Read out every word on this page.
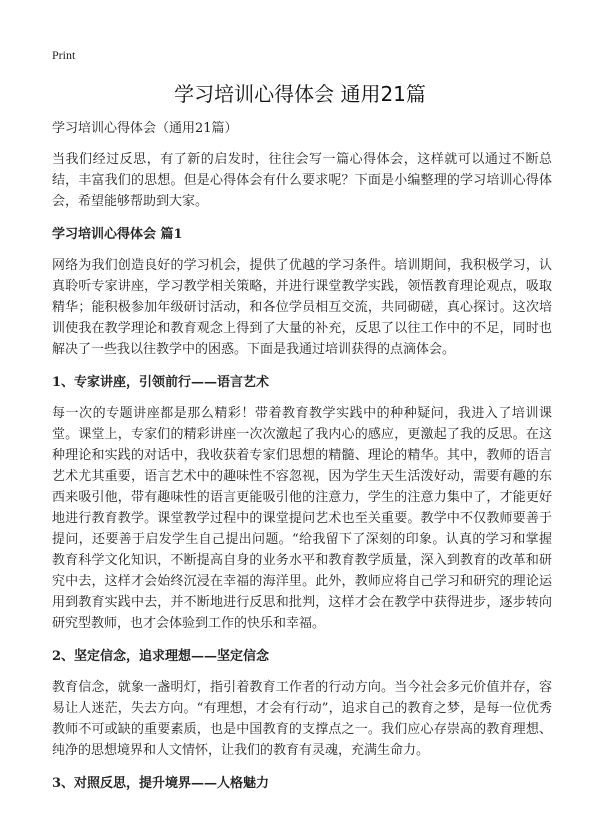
Print
学习培训心得体会 通用21篇

学习培训心得体会（通用21篇）

当我们经过反思，有了新的启发时，往往会写一篇心得体会，这样就可以通过不断总结，丰富我们的思想。但是心得体会有什么要求呢？下面是小编整理的学习培训心得体会，希望能够帮助到大家。

学习培训心得体会 篇1

网络为我们创造良好的学习机会，提供了优越的学习条件。培训期间，我积极学习，认真聆听专家讲座，学习教学相关策略，并进行课堂教学实践，领悟教育理论观点，吸取精华；能积极参加年级研讨活动，和各位学员相互交流，共同砌磋，真心探讨。这次培训使我在教学理论和教育观念上得到了大量的补充，反思了以往工作中的不足，同时也解决了一些我以往教学中的困惑。下面是我通过培训获得的点滴体会。

1、专家讲座，引领前行——语言艺术

每一次的专题讲座都是那么精彩！带着教育教学实践中的种种疑问，我进入了培训课堂。课堂上，专家们的精彩讲座一次次激起了我内心的感应，更激起了我的反思。在这种理论和实践的对话中，我收获着专家们思想的精髓、理论的精华。其中，教师的语言艺术尤其重要，语言艺术中的趣味性不容忽视，因为学生天生活泼好动，需要有趣的东西来吸引他，带有趣味性的语言更能吸引他的注意力，学生的注意力集中了，才能更好地进行教育教学。课堂教学过程中的课堂提问艺术也至关重要。教学中不仅教师要善于提问，还要善于启发学生自己提出问题。“给我留下了深刻的印象。认真的学习和掌握教育科学文化知识，不断提高自身的业务水平和教育教学质量，深入到教育的改革和研究中去，这样才会始终沉浸在幸福的海洋里。此外，教师应将自己学习和研究的理论运用到教育实践中去，并不断地进行反思和批判，这样才会在教学中获得进步，逐步转向研究型教师，也才会体验到工作的快乐和幸福。

2、坚定信念，追求理想——坚定信念

教育信念，就象一盏明灯，指引着教育工作者的行动方向。当今社会多元价值并存，容易让人迷茫，失去方向。“有理想，才会有行动”，追求自己的教育之梦，是每一位优秀教师不可或缺的重要素质，也是中国教育的支撑点之一。我们应心存崇高的教育理想、纯净的思想境界和人文情怀，让我们的教育有灵魂，充满生命力。

3、对照反思，提升境界——人格魅力
